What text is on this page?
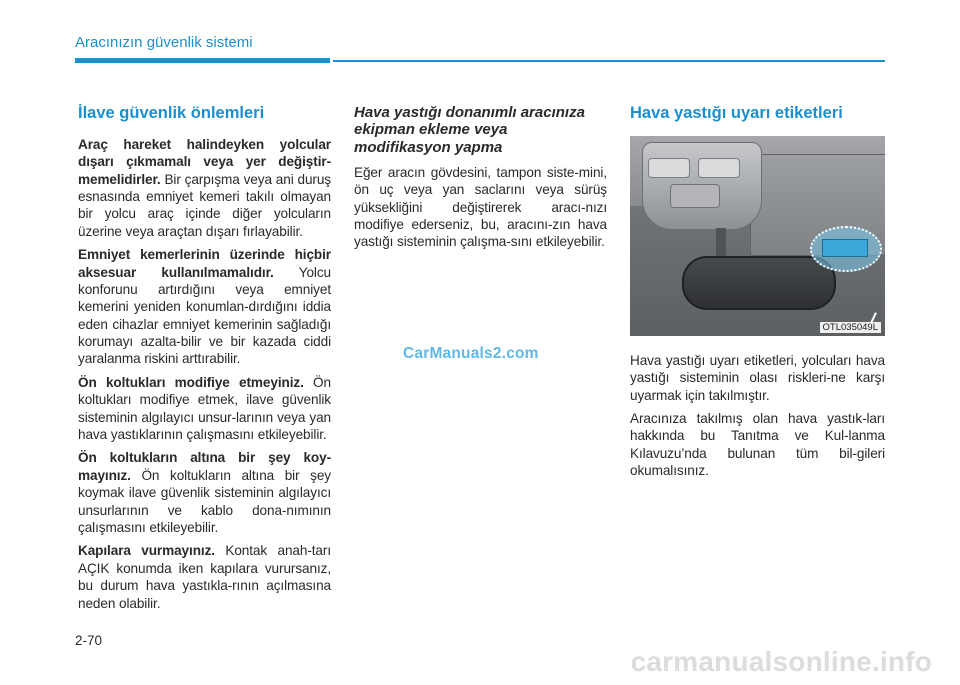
Aracınızın güvenlik sistemi
İlave güvenlik önlemleri

Araç hareket halindeyken yolcular dışarı çıkmamalı veya yer değiştir-memelidirler. Bir çarpışma veya ani duruş esnasında emniyet kemeri takılı olmayan bir yolcu araç içinde diğer yolcuların üzerine veya araçtan dışarı fırlayabilir.

Emniyet kemerlerinin üzerinde hiçbir aksesuar kullanılmamalıdır. Yolcu konforunu artırdığını veya emniyet kemerini yeniden konumlan-dırdığını iddia eden cihazlar emniyet kemerinin sağladığı korumayı azalta-bilir ve bir kazada ciddi yaralanma riskini arttırabilir.

Ön koltukları modifiye etmeyiniz. Ön koltukları modifiye etmek, ilave güvenlik sisteminin algılayıcı unsur-larının veya yan hava yastıklarının çalışmasını etkileyebilir.

Ön koltukların altına bir şey koy-mayınız. Ön koltukların altına bir şey koymak ilave güvenlik sisteminin algılayıcı unsurlarının ve kablo dona-nımının çalışmasını etkileyebilir.

Kapılara vurmayınız. Kontak anah-tarı AÇIK konumda iken kapılara vurursanız, bu durum hava yastıkla-rının açılmasına neden olabilir.

Hava yastığı donanımlı aracınıza ekipman ekleme veya modifikasyon yapma

Eğer aracın gövdesini, tampon siste-mini, ön uç veya yan saclarını veya sürüş yüksekliğini değiştirerek aracı-nızı modifiye ederseniz, bu, aracını-zın hava yastığı sisteminin çalışma-sını etkileyebilir.

Hava yastığı uyarı etiketleri
OTL035049L

Hava yastığı uyarı etiketleri, yolcuları hava yastığı sisteminin olası riskleri-ne karşı uyarmak için takılmıştır.

Aracınıza takılmış olan hava yastık-ları hakkında bu Tanıtma ve Kul-lanma Kılavuzu’nda bulunan tüm bil-gileri okumalısınız.

CarManuals2.com
2-70
carmanualsonline.info
